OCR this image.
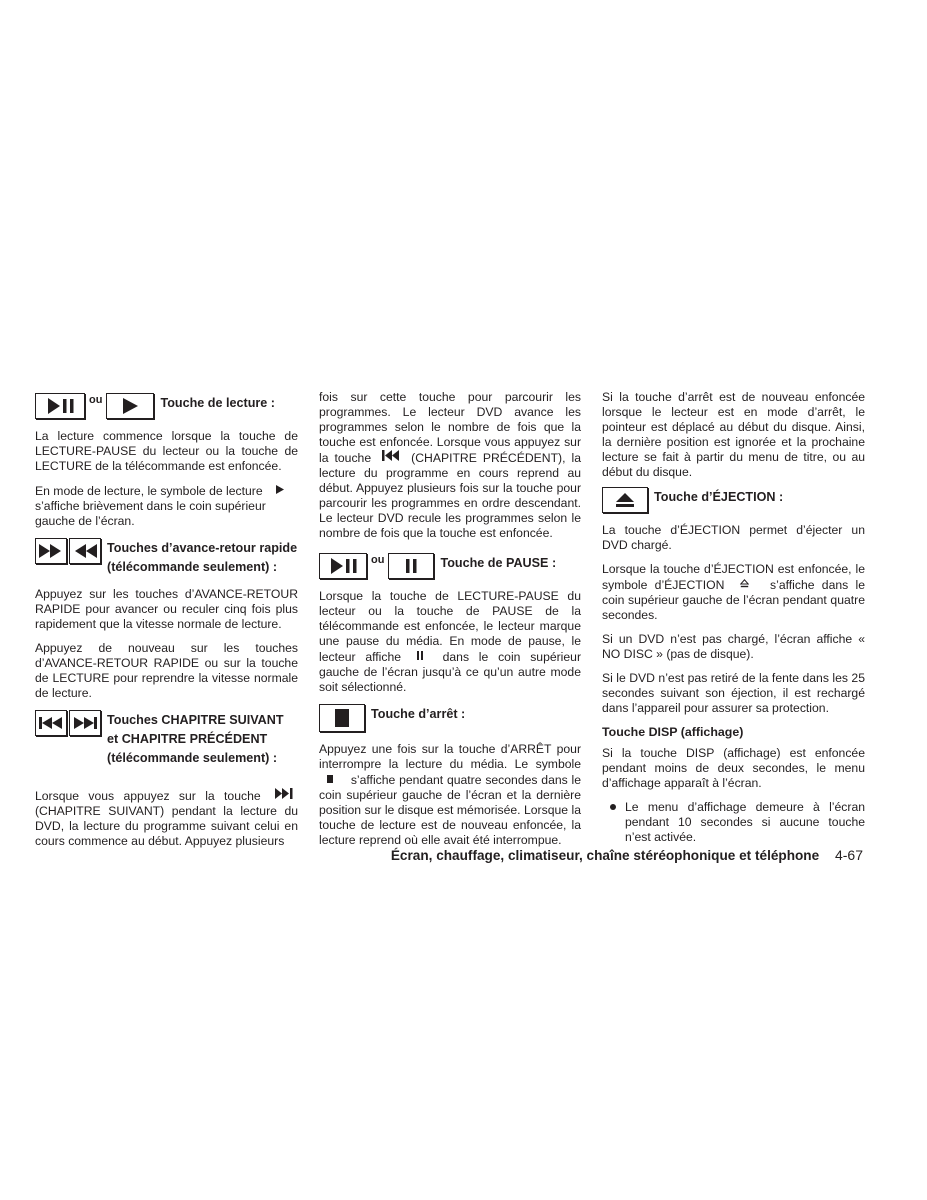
ou	Touche de lecture :

La lecture commence lorsque la touche de LECTURE-PAUSE du lecteur ou la touche de LECTURE de la télécommande est enfoncée.

En mode de lecture, le symbole de lecture  s’affiche brièvement dans le coin supérieur gauche de l’écran.

Touches d’avance-retour rapide (télécommande seulement) :

Appuyez sur les touches d’AVANCE-RETOUR RAPIDE pour avancer ou reculer cinq fois plus rapidement que la vitesse normale de lecture.

Appuyez de nouveau sur les touches d’AVANCE-RETOUR RAPIDE ou sur la touche de LECTURE pour reprendre la vitesse normale de lecture.

Touches CHAPITRE SUIVANT et CHAPITRE PRÉCÉDENT (télécommande seulement) :

Lorsque vous appuyez sur la touche  (CHAPITRE SUIVANT) pendant la lecture du DVD, la lecture du programme suivant celui en cours commence au début. Appuyez plusieurs

fois sur cette touche pour parcourir les programmes. Le lecteur DVD avance les programmes selon le nombre de fois que la touche est enfoncée. Lorsque vous appuyez sur la touche	(CHAPITRE PRÉCÉDENT), la lecture du programme en cours reprend au début. Appuyez plusieurs fois sur la touche pour parcourir les programmes en ordre descendant. Le lecteur DVD recule les programmes selon le nombre de fois que la touche est enfoncée.

ou	Touche de PAUSE :

Lorsque la touche de LECTURE-PAUSE du lecteur ou la touche de PAUSE de la télécommande est enfoncée, le lecteur marque une pause du média. En mode de pause, le lecteur affiche	dans le coin supérieur gauche de l’écran jusqu’à ce qu’un autre mode soit sélectionné.

Touche d’arrêt :

Appuyez une fois sur la touche d’ARRÊT pour interrompre la lecture du média. Le symbole  s’affiche pendant quatre secondes dans le coin supérieur gauche de l’écran et la dernière position sur le disque est mémorisée. Lorsque la touche de lecture est de nouveau enfoncée, la lecture reprend où elle avait été interrompue.

Si la touche d’arrêt est de nouveau enfoncée lorsque le lecteur est en mode d’arrêt, le pointeur est déplacé au début du disque. Ainsi, la dernière position est ignorée et la prochaine lecture se fait à partir du menu de titre, ou au début du disque.

Touche d’ÉJECTION :

La touche d’ÉJECTION permet d’éjecter un DVD chargé.

Lorsque la touche d’ÉJECTION est enfoncée, le symbole d’ÉJECTION	s’affiche dans le coin supérieur gauche de l’écran pendant quatre secondes.

Si un DVD n’est pas chargé, l’écran affiche « NO DISC » (pas de disque).

Si le DVD n’est pas retiré de la fente dans les 25 secondes suivant son éjection, il est rechargé dans l’appareil pour assurer sa protection.

Touche DISP (affichage)

Si la touche DISP (affichage) est enfoncée pendant moins de deux secondes, le menu d’affichage apparaît à l’écran.

Le menu d’affichage demeure à l’écran pendant 10 secondes si aucune touche n’est activée.
Écran, chauffage, climatiseur, chaîne stéréophonique et téléphone 4-67
